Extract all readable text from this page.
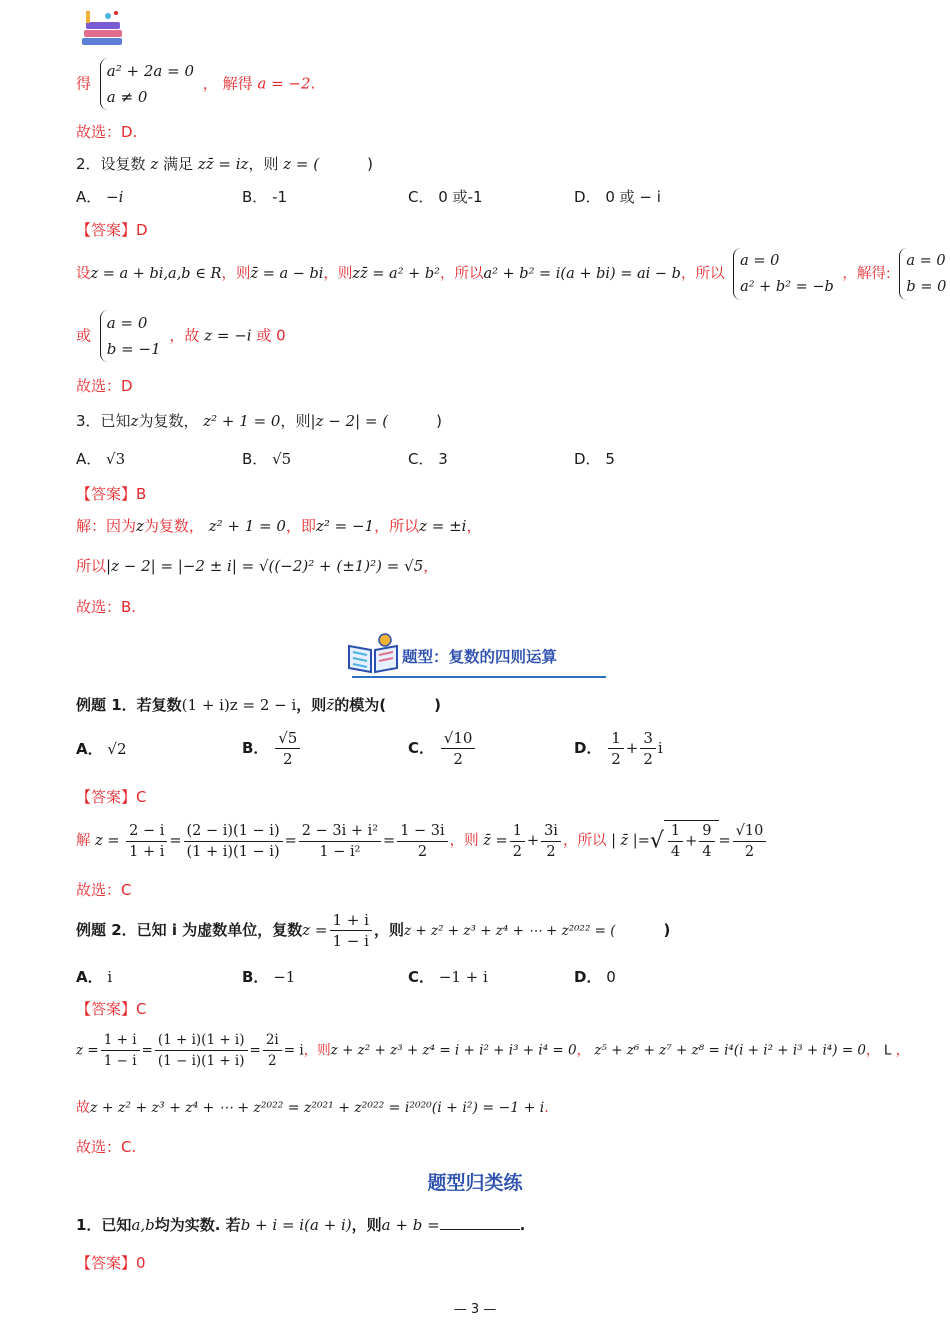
得 a² + 2a = 0
a ≠ 0 ， 解得 a = −2.
故选：D.
2．设复数 z 满足 zz̄ = iz，则 z = (	)
A． −i	B． -1	C． 0 或-1	D． 0 或 − i
【答案】D
设z = a + bi,a,b ∈ R，则z̄ = a − bi，则zz̄ = a² + b²，所以a² + b² = i(a + bi) = ai − b，所以 a = 0
a² + b² = −b ，解得: a = 0
b = 0
或 a = 0
b = −1 ，故 z = −i 或 0
故选：D
3．已知z为复数， z² + 1 = 0，则|z − 2| = (	)
A． √3	B． √5	C． 3	D． 5
【答案】B
解：因为z为复数， z² + 1 = 0，即z² = −1，所以z = ±i，
所以|z − 2| = |−2 ± i| = √((−2)² + (±1)²) = √5，
故选：B.
题型：复数的四则运算
例题 1．若复数(1 + i)z = 2 − i，则z̄的模为(	)
A． √2	B． $\frac{√5}{2}$	C． $\frac{√10}{2}$	D． $\frac{1}{2} + \frac{3}{2}$ i
【答案】C
解 $z = \frac{2 - i}{1 + i} = \frac{(2 - i)(1 - i)}{(1 + i)(1 - i)} = \frac{\text{2 − 3i + i²}}{\text{1 − i²}} = \frac{1 - 3i}{2}$ ，则 z̄ = $\frac{1}{2} + \frac{3i}{2}$ ，所以 | z̄ |=√ $\frac{1}{4} + \frac{9}{4} = \frac{√10}{2}$
故选：C
例题 2．已知 i 为虚数单位，复数$z = \frac{1 + i}{1 - i}$ ，则z + z² + z³ + z⁴ + ⋯ + z²⁰²² = (	)
A． i	B． −1	C． −1 + i	D． 0
【答案】C
$z = \frac{1 + i}{1 - i} = \frac{(1 + i)(1 + i)}{(1 - i)(1 + i)} = \frac{2i}{2} = i$，则z + z² + z³ + z⁴ = i + i² + i³ + i⁴ = 0， z⁵ + z⁶ + z⁷ + z⁸ = i⁴(i + i² + i³ + i⁴) = 0， L ，
故z + z² + z³ + z⁴ + ⋯ + z²⁰²² = z²⁰²¹ + z²⁰²² = i²⁰²⁰(i + i²) = −1 + i.
故选：C.
题型归类练
1．已知a,b均为实数. 若b + i = i(a + i)，则a + b =	.
【答案】0
— 3 —
